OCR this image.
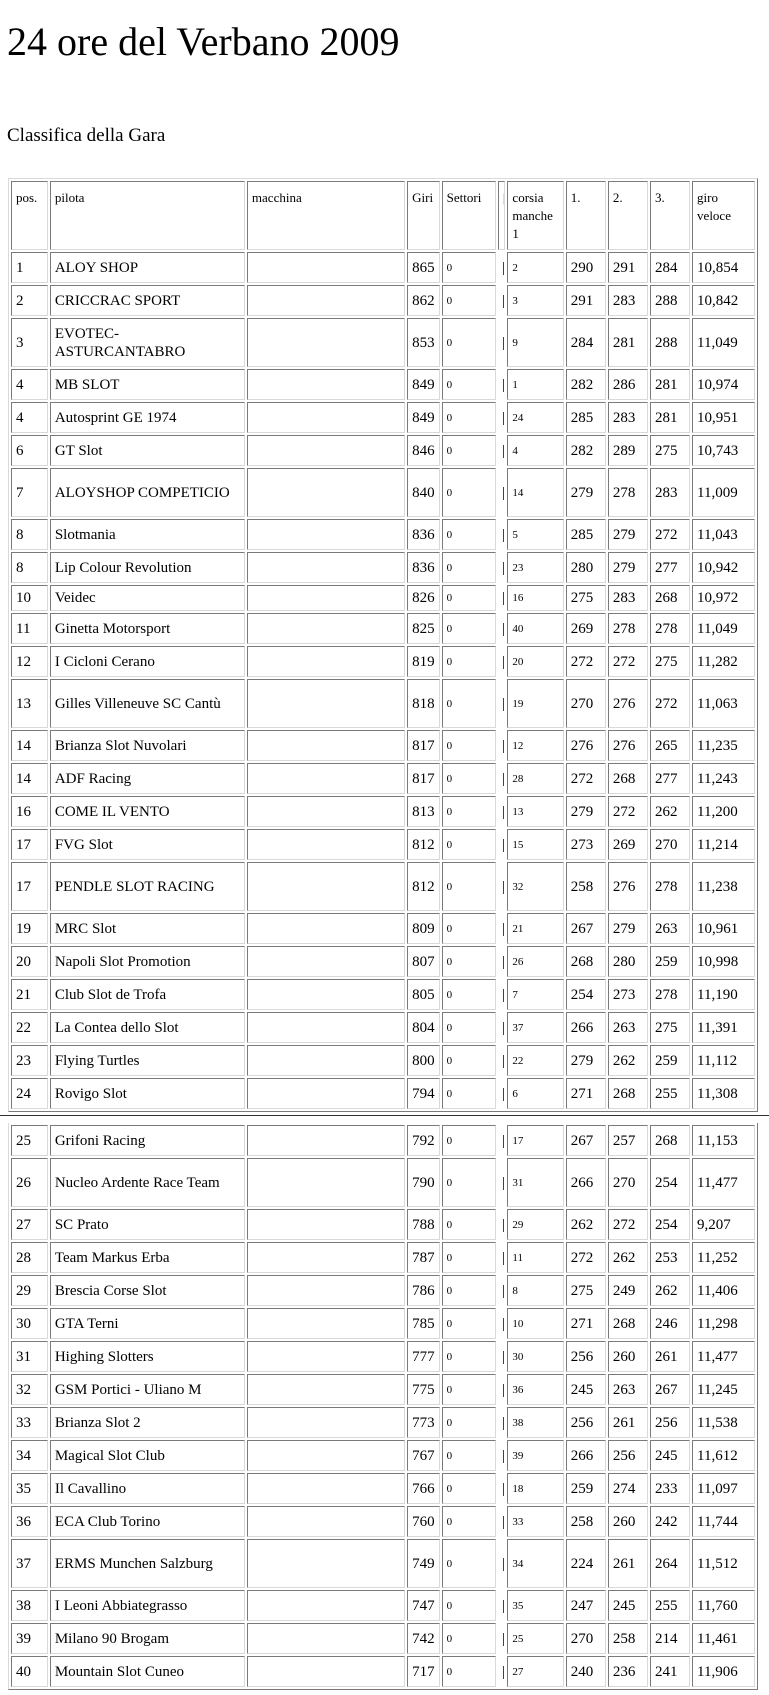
24 ore del Verbano 2009
Classifica della Gara
pos.	pilota	macchina	Giri	Settori	|	corsia manche 1	1.	2.	3.	giro veloce
1	ALOY SHOP		865	0	|	2	290	291	284	10,854
2	CRICCRAC SPORT		862	0	|	3	291	283	288	10,842
3	EVOTEC-ASTURCANTABRO		853	0	|	9	284	281	288	11,049
4	MB SLOT		849	0	|	1	282	286	281	10,974
4	Autosprint GE 1974		849	0	|	24	285	283	281	10,951
6	GT Slot		846	0	|	4	282	289	275	10,743
7	ALOYSHOP COMPETICIO		840	0	|	14	279	278	283	11,009
8	Slotmania		836	0	|	5	285	279	272	11,043
8	Lip Colour Revolution		836	0	|	23	280	279	277	10,942
10	Veidec		826	0	|	16	275	283	268	10,972
11	Ginetta Motorsport		825	0	|	40	269	278	278	11,049
12	I Cicloni Cerano		819	0	|	20	272	272	275	11,282
13	Gilles Villeneuve SC Cantù		818	0	|	19	270	276	272	11,063
14	Brianza Slot Nuvolari		817	0	|	12	276	276	265	11,235
14	ADF Racing		817	0	|	28	272	268	277	11,243
16	COME IL VENTO		813	0	|	13	279	272	262	11,200
17	FVG Slot		812	0	|	15	273	269	270	11,214
17	PENDLE SLOT RACING		812	0	|	32	258	276	278	11,238
19	MRC Slot		809	0	|	21	267	279	263	10,961
20	Napoli Slot Promotion		807	0	|	26	268	280	259	10,998
21	Club Slot de Trofa		805	0	|	7	254	273	278	11,190
22	La Contea dello Slot		804	0	|	37	266	263	275	11,391
23	Flying Turtles		800	0	|	22	279	262	259	11,112
24	Rovigo Slot		794	0	|	6	271	268	255	11,308
25	Grifoni Racing		792	0	|	17	267	257	268	11,153
26	Nucleo Ardente Race Team		790	0	|	31	266	270	254	11,477
27	SC Prato		788	0	|	29	262	272	254	9,207
28	Team Markus Erba		787	0	|	11	272	262	253	11,252
29	Brescia Corse Slot		786	0	|	8	275	249	262	11,406
30	GTA Terni		785	0	|	10	271	268	246	11,298
31	Highing Slotters		777	0	|	30	256	260	261	11,477
32	GSM Portici - Uliano M		775	0	|	36	245	263	267	11,245
33	Brianza Slot 2		773	0	|	38	256	261	256	11,538
34	Magical Slot Club		767	0	|	39	266	256	245	11,612
35	Il Cavallino		766	0	|	18	259	274	233	11,097
36	ECA Club Torino		760	0	|	33	258	260	242	11,744
37	ERMS Munchen Salzburg		749	0	|	34	224	261	264	11,512
38	I Leoni Abbiategrasso		747	0	|	35	247	245	255	11,760
39	Milano 90 Brogam		742	0	|	25	270	258	214	11,461
40	Mountain Slot Cuneo		717	0	|	27	240	236	241	11,906
